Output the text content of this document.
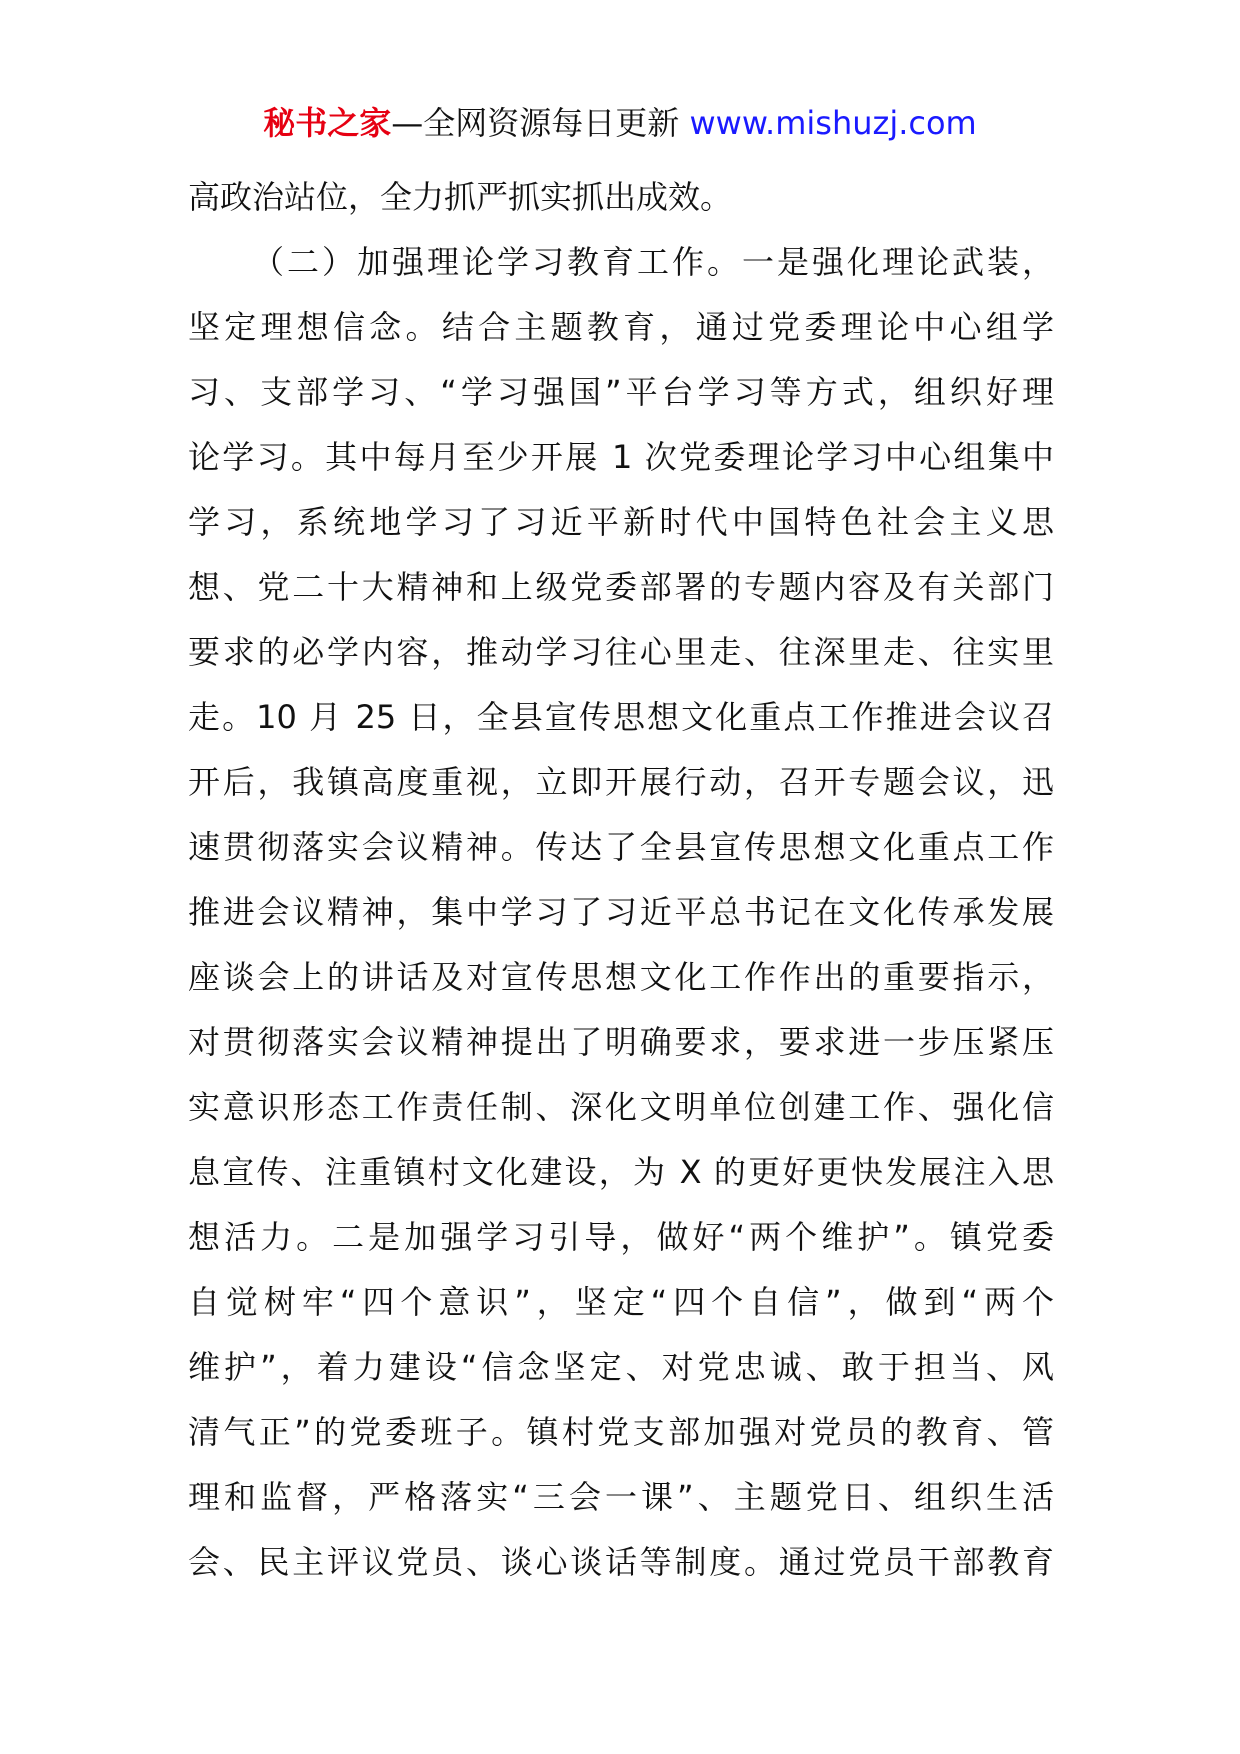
秘书之家—全网资源每日更新 www.mishuzj.com
高政治站位，全力抓严抓实抓出成效。
（二）加强理论学习教育工作。一是强化理论武装，
坚定理想信念。结合主题教育，通过党委理论中心组学
习、支部学习、“学习强国”平台学习等方式，组织好理
论学习。其中每月至少开展 1 次党委理论学习中心组集中
学习，系统地学习了习近平新时代中国特色社会主义思
想、党二十大精神和上级党委部署的专题内容及有关部门
要求的必学内容，推动学习往心里走、往深里走、往实里
走。10 月 25 日，全县宣传思想文化重点工作推进会议召
开后，我镇高度重视，立即开展行动，召开专题会议，迅
速贯彻落实会议精神。传达了全县宣传思想文化重点工作
推进会议精神，集中学习了习近平总书记在文化传承发展
座谈会上的讲话及对宣传思想文化工作作出的重要指示，
对贯彻落实会议精神提出了明确要求，要求进一步压紧压
实意识形态工作责任制、深化文明单位创建工作、强化信
息宣传、注重镇村文化建设，为 X 的更好更快发展注入思
想活力。二是加强学习引导，做好“两个维护”。镇党委
自觉树牢“四个意识”，坚定“四个自信”，做到“两个
维护”，着力建设“信念坚定、对党忠诚、敢于担当、风
清气正”的党委班子。镇村党支部加强对党员的教育、管
理和监督，严格落实“三会一课”、主题党日、组织生活
会、民主评议党员、谈心谈话等制度。通过党员干部教育
